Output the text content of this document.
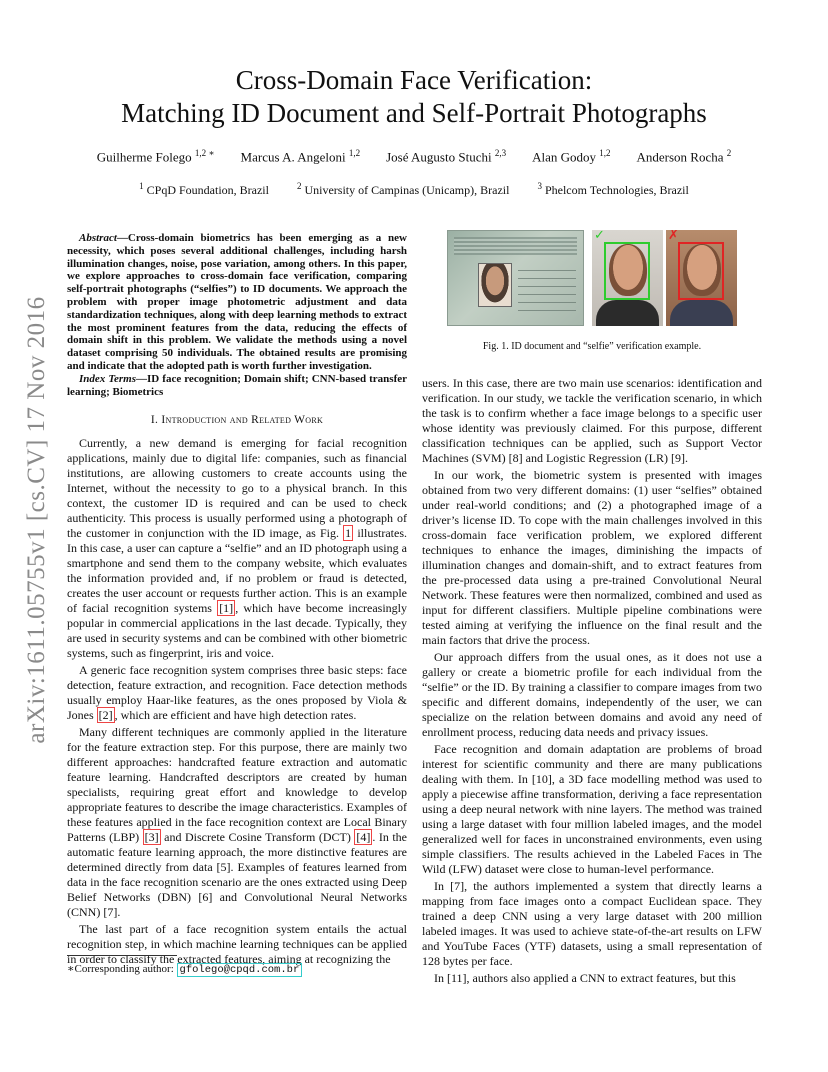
arXiv:1611.05755v1 [cs.CV] 17 Nov 2016
Cross-Domain Face Verification:
Matching ID Document and Self-Portrait Photographs
Guilherme Folego $^{1,2 ∗}$ Marcus A. Angeloni $^{1,2}$ José Augusto Stuchi $^{2,3}$ Alan Godoy $^{1,2}$ Anderson Rocha $^2$
$^1$ CPqD Foundation, Brazil	$^2$ University of Campinas (Unicamp), Brazil	$^3$ Phelcom Technologies, Brazil

Abstract—Cross-domain biometrics has been emerging as a new necessity, which poses several additional challenges, including harsh illumination changes, noise, pose variation, among others. In this paper, we explore approaches to cross-domain face verification, comparing self-portrait photographs (“selfies”) to ID documents. We approach the problem with proper image photometric adjustment and data standardization techniques, along with deep learning methods to extract the most prominent features from the data, reducing the effects of domain shift in this problem. We validate the methods using a novel dataset comprising 50 individuals. The obtained results are promising and indicate that the adopted path is worth further investigation.

Index Terms—ID face recognition; Domain shift; CNN-based transfer learning; Biometrics

I. Introduction and Related Work

Currently, a new demand is emerging for facial recognition applications, mainly due to digital life: companies, such as financial institutions, are allowing customers to create accounts using the Internet, without the necessity to go to a physical branch. In this context, the customer ID is required and can be used to check authenticity. This process is usually performed using a photograph of the customer in conjunction with the ID image, as Fig. 1 illustrates. In this case, a user can capture a “selfie” and an ID photograph using a smartphone and send them to the company website, which evaluates the information provided and, if no problem or fraud is detected, creates the user account or requests further action. This is an example of facial recognition systems [1] , which have become increasingly popular in commercial applications in the last decade. Typically, they are used in security systems and can be combined with other biometric systems, such as fingerprint, iris and voice.

A generic face recognition system comprises three basic steps: face detection, feature extraction, and recognition. Face detection methods usually employ Haar-like features, as the ones proposed by Viola & Jones [2] , which are efficient and have high detection rates.

Many different techniques are commonly applied in the literature for the feature extraction step. For this purpose, there are mainly two different approaches: handcrafted feature extraction and automatic feature learning. Handcrafted descriptors are created by human specialists, requiring great effort and knowledge to develop appropriate features to describe the image characteristics. Examples of these features applied in the face recognition context are Local Binary Patterns (LBP) [3] and Discrete Cosine Transform (DCT) [4] . In the automatic feature learning approach, the more distinctive features are determined directly from data [5]. Examples of features learned from data in the face recognition scenario are the ones extracted using Deep Belief Networks (DBN) [6] and Convolutional Neural Networks (CNN) [7].

The last part of a face recognition system entails the actual recognition step, in which machine learning techniques can be applied in order to classify the extracted features, aiming at recognizing the

✓	✗
Fig. 1. ID document and “selfie” verification example.

users. In this case, there are two main use scenarios: identification and verification. In our study, we tackle the verification scenario, in which the task is to confirm whether a face image belongs to a specific user whose identity was previously claimed. For this purpose, different classification techniques can be applied, such as Support Vector Machines (SVM) [8] and Logistic Regression (LR) [9].

In our work, the biometric system is presented with images obtained from two very different domains: (1) user “selfies” obtained under real-world conditions; and (2) a photographed image of a driver’s license ID. To cope with the main challenges involved in this cross-domain face verification problem, we explored different techniques to enhance the images, diminishing the impacts of illumination changes and domain-shift, and to extract features from the pre-processed data using a pre-trained Convolutional Neural Network. These features were then normalized, combined and used as input for different classifiers. Multiple pipeline combinations were tested aiming at verifying the influence on the final result and the main factors that drive the process.

Our approach differs from the usual ones, as it does not use a gallery or create a biometric profile for each individual from the “selfie” or the ID. By training a classifier to compare images from two specific and different domains, independently of the user, we can specialize on the relation between domains and avoid any need of enrollment process, reducing data needs and privacy issues.

Face recognition and domain adaptation are problems of broad interest for scientific community and there are many publications dealing with them. In [10], a 3D face modelling method was used to apply a piecewise affine transformation, deriving a face representation using a deep neural network with nine layers. The method was trained using a large dataset with four million labeled images, and the model generalized well for faces in unconstrained environments, even using simple classifiers. The results achieved in the Labeled Faces in The Wild (LFW) dataset were close to human-level performance.

In [7], the authors implemented a system that directly learns a mapping from face images onto a compact Euclidean space. They trained a deep CNN using a very large dataset with 200 million labeled images. It was used to achieve state-of-the-art results on LFW and YouTube Faces (YTF) datasets, using a small representation of 128 bytes per face.

In [11], authors also applied a CNN to extract features, but this

∗Corresponding author: gfolego@cpqd.com.br
